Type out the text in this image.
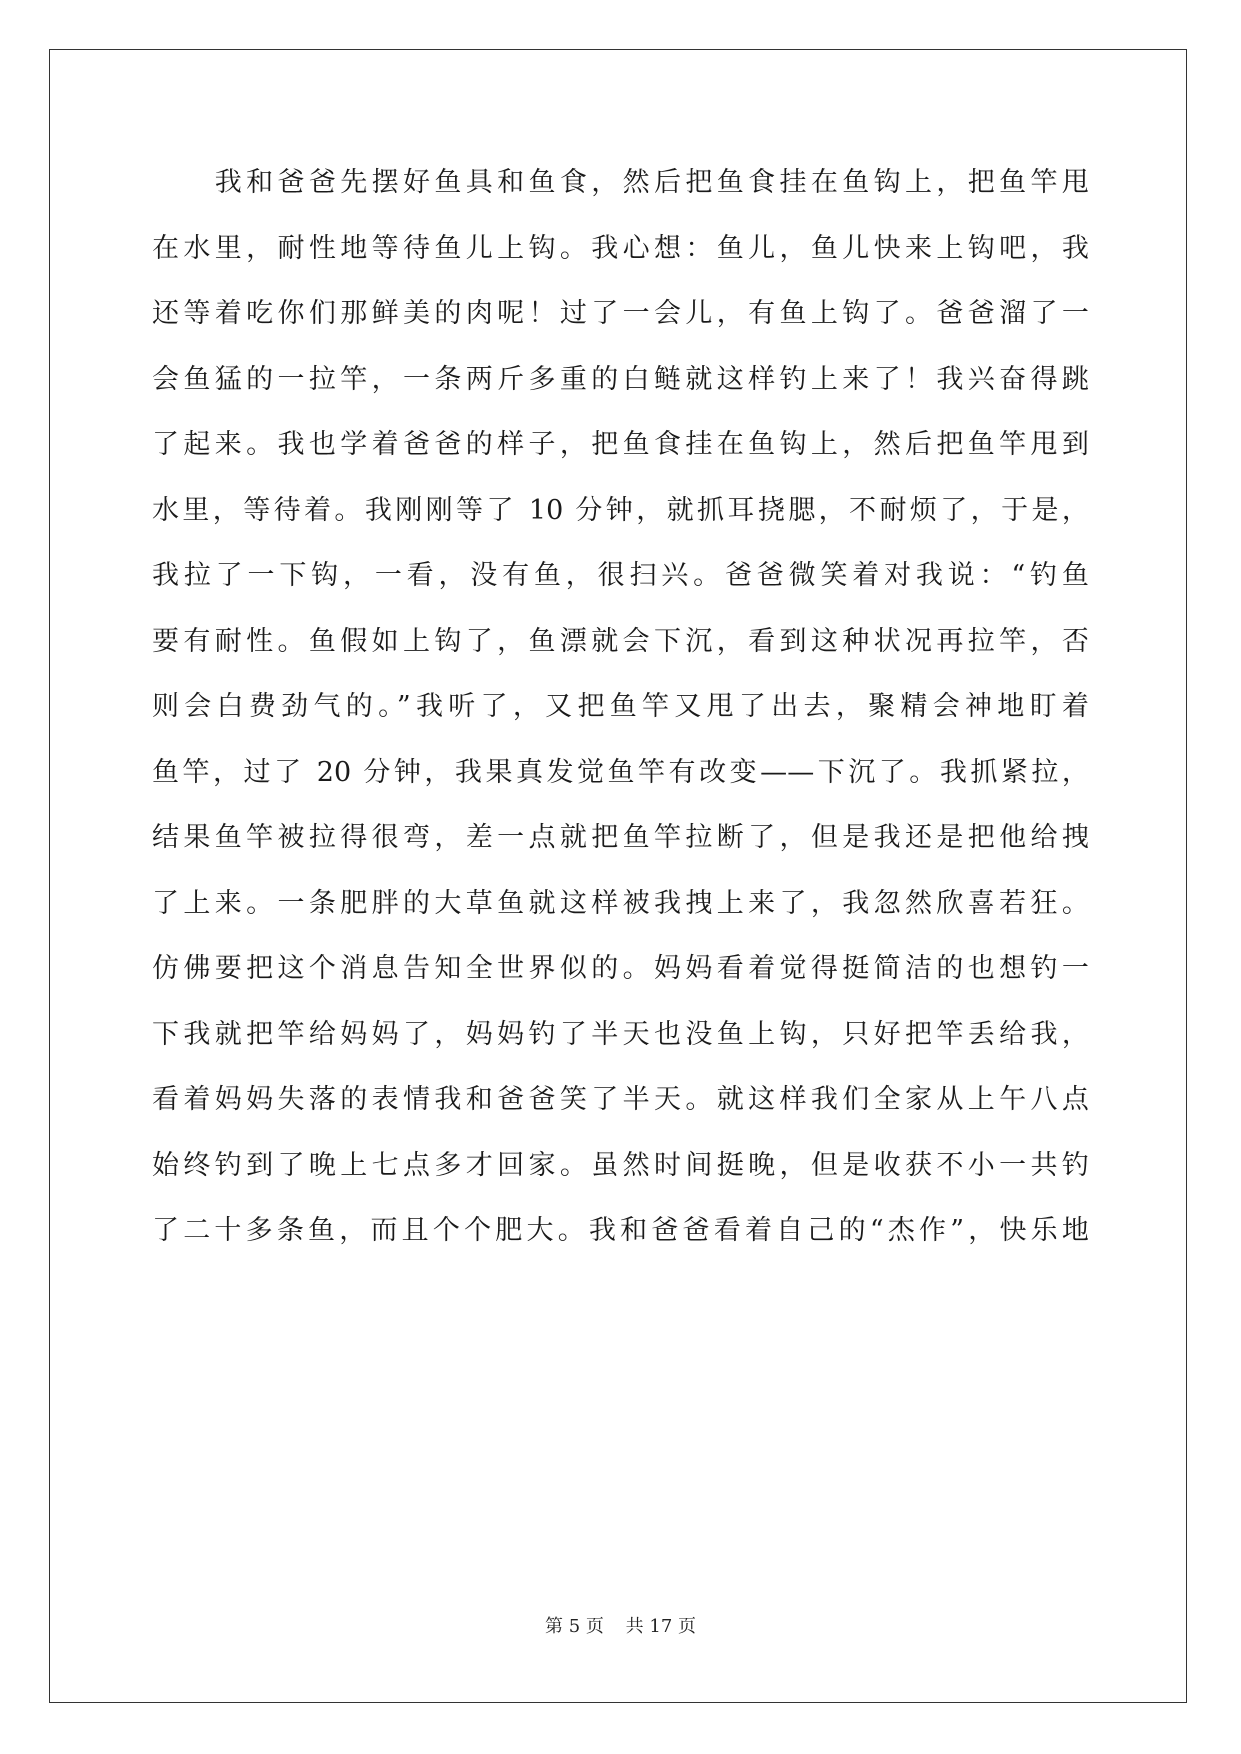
　　我和爸爸先摆好鱼具和鱼食，然后把鱼食挂在鱼钩上，把鱼竿甩
在水里，耐性地等待鱼儿上钩。我心想：鱼儿，鱼儿快来上钩吧，我
还等着吃你们那鲜美的肉呢！过了一会儿，有鱼上钩了。爸爸溜了一
会鱼猛的一拉竿，一条两斤多重的白鲢就这样钓上来了！我兴奋得跳
了起来。我也学着爸爸的样子，把鱼食挂在鱼钩上，然后把鱼竿甩到
水里，等待着。我刚刚等了 10 分钟，就抓耳挠腮，不耐烦了，于是，
我拉了一下钩，一看，没有鱼，很扫兴。爸爸微笑着对我说：“钓鱼
要有耐性。鱼假如上钩了，鱼漂就会下沉，看到这种状况再拉竿，否
则会白费劲气的。”我听了，又把鱼竿又甩了出去，聚精会神地盯着
鱼竿，过了 20 分钟，我果真发觉鱼竿有改变——下沉了。我抓紧拉，
结果鱼竿被拉得很弯，差一点就把鱼竿拉断了，但是我还是把他给拽
了上来。一条肥胖的大草鱼就这样被我拽上来了，我忽然欣喜若狂。
仿佛要把这个消息告知全世界似的。妈妈看着觉得挺简洁的也想钓一
下我就把竿给妈妈了，妈妈钓了半天也没鱼上钩，只好把竿丢给我，
看着妈妈失落的表情我和爸爸笑了半天。就这样我们全家从上午八点
始终钓到了晚上七点多才回家。虽然时间挺晚，但是收获不小一共钓
了二十多条鱼，而且个个肥大。我和爸爸看着自己的“杰作”，快乐地
第 5 页 共 17 页
